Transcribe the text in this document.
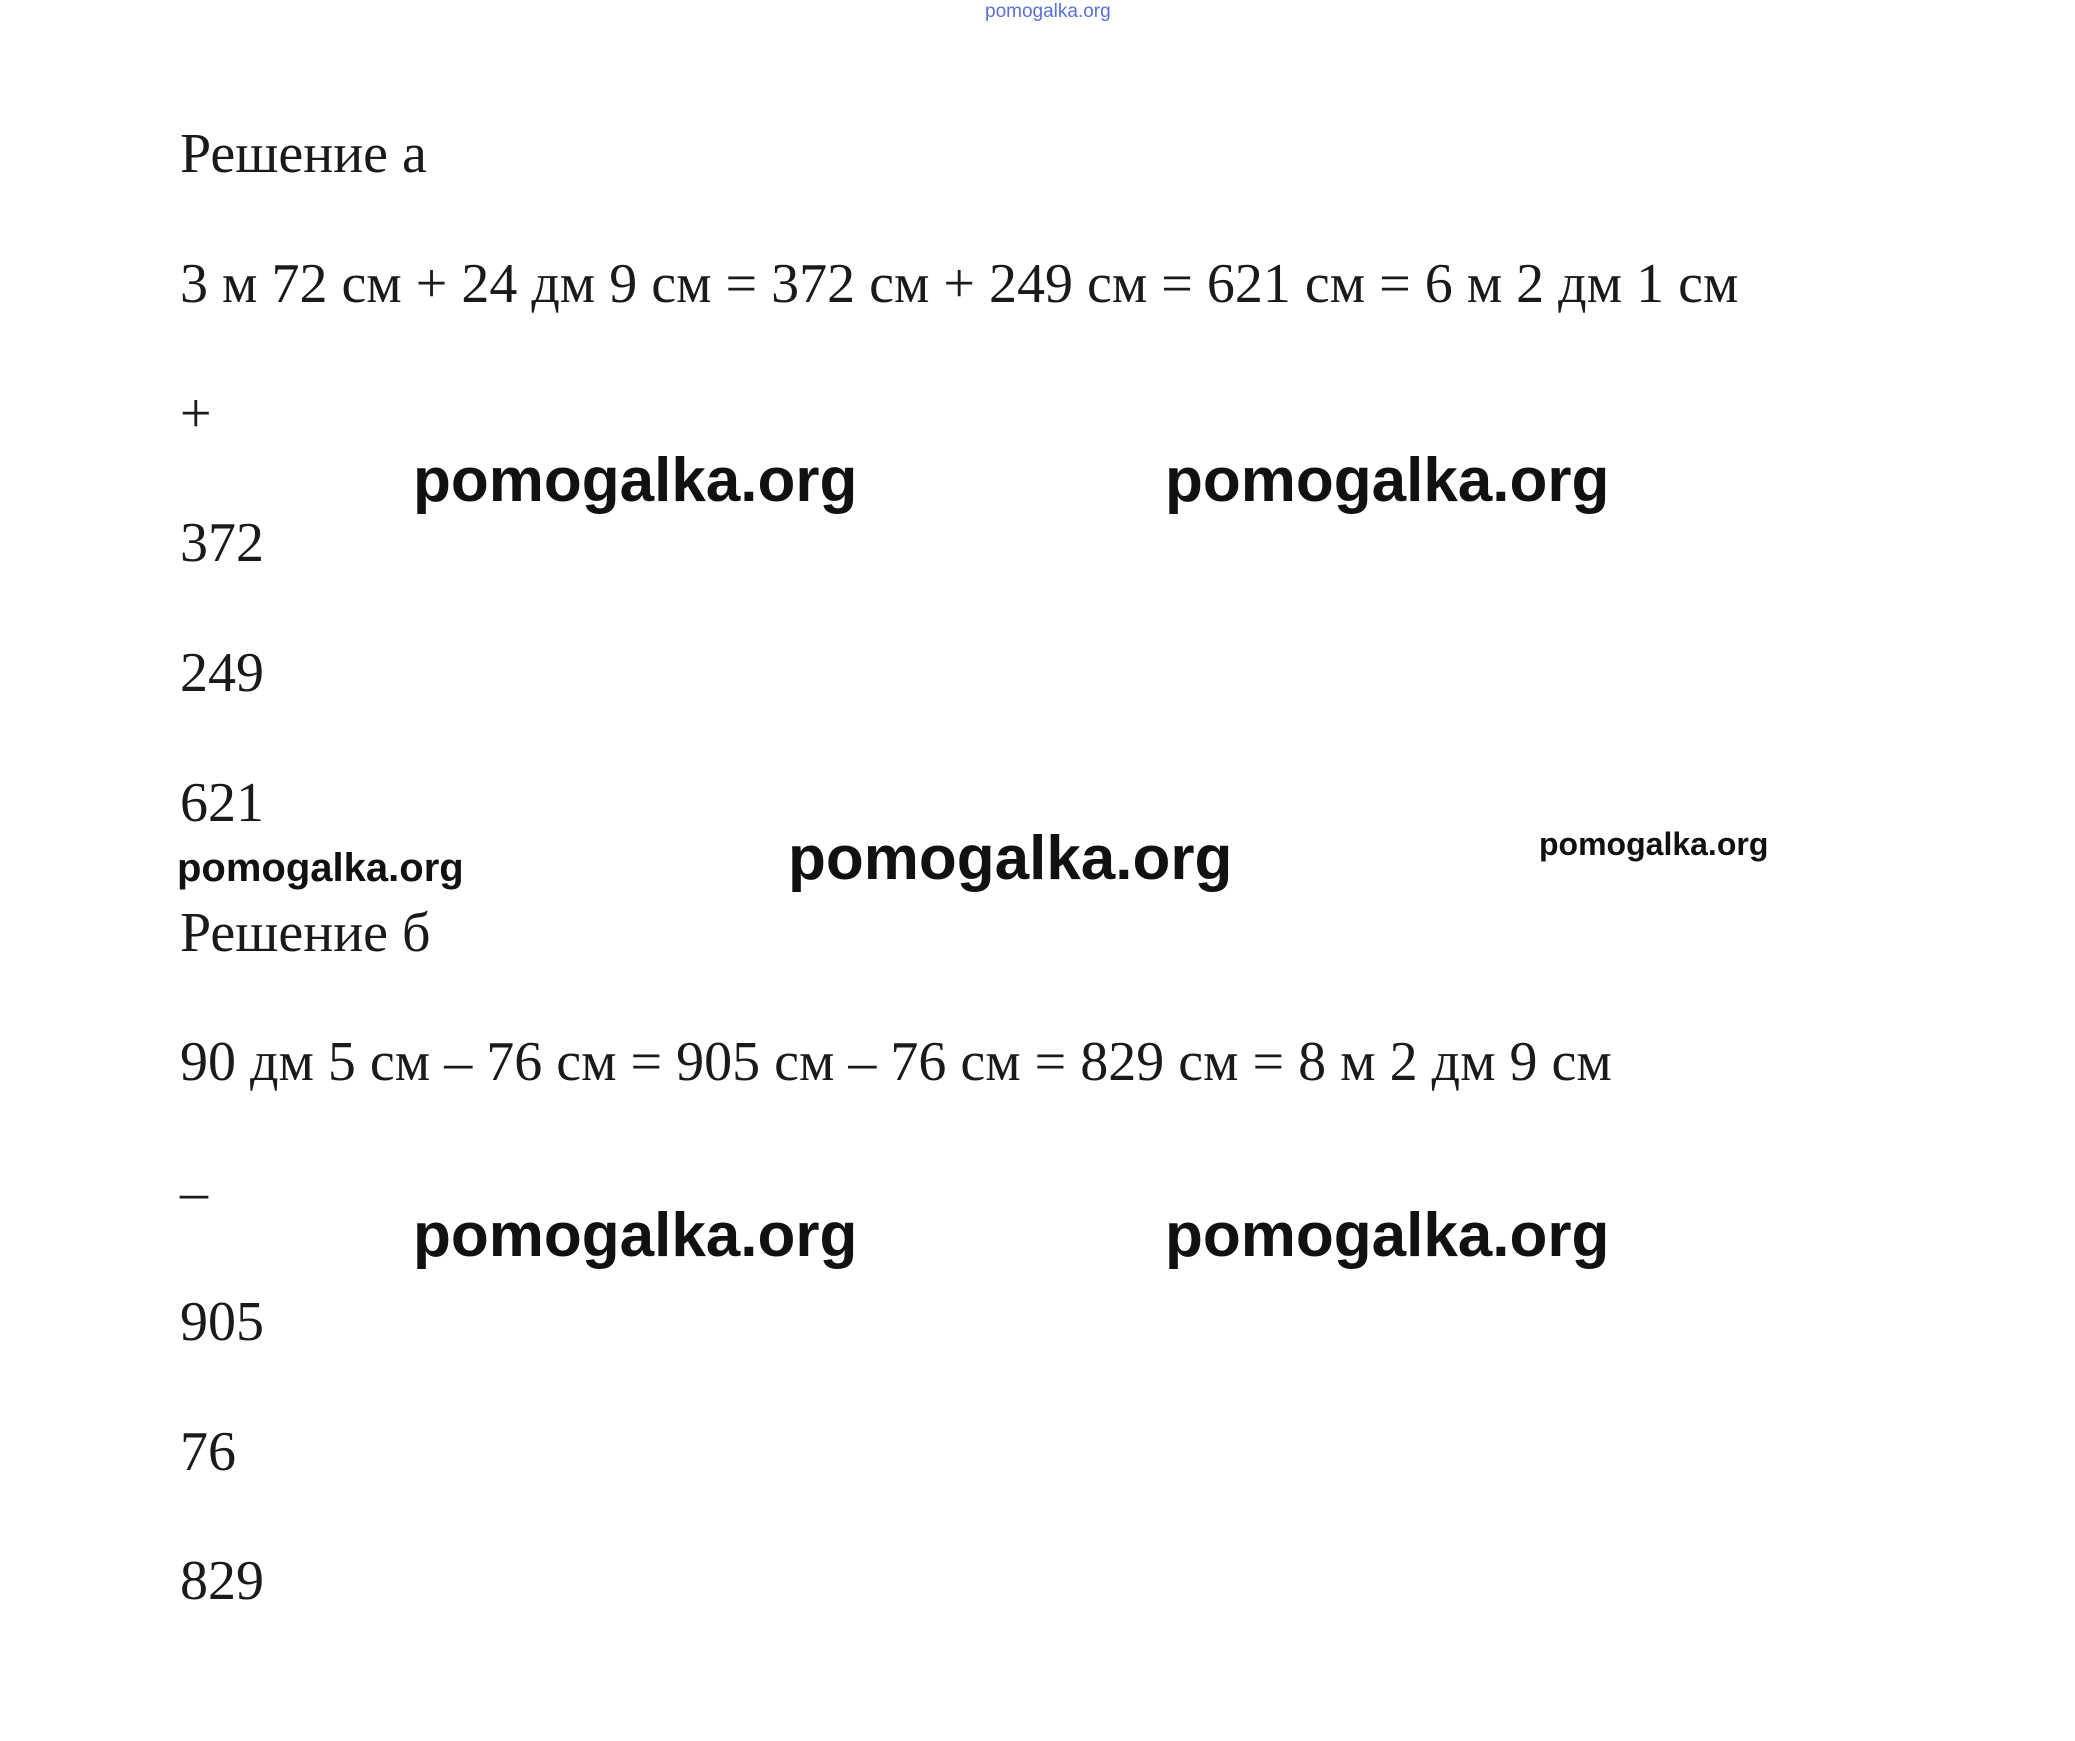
pomogalka.org
Решение а
3 м 72 см + 24 дм 9 см = 372 см + 249 см = 621 см = 6 м 2 дм 1 см
+
372
249
621
Решение б
90 дм 5 см – 76 см = 905 см – 76 см = 829 см = 8 м 2 дм 9 см
–
905
76
829
pomogalka.org	pomogalka.org
pomogalka.org	pomogalka.org	pomogalka.org
pomogalka.org	pomogalka.org
